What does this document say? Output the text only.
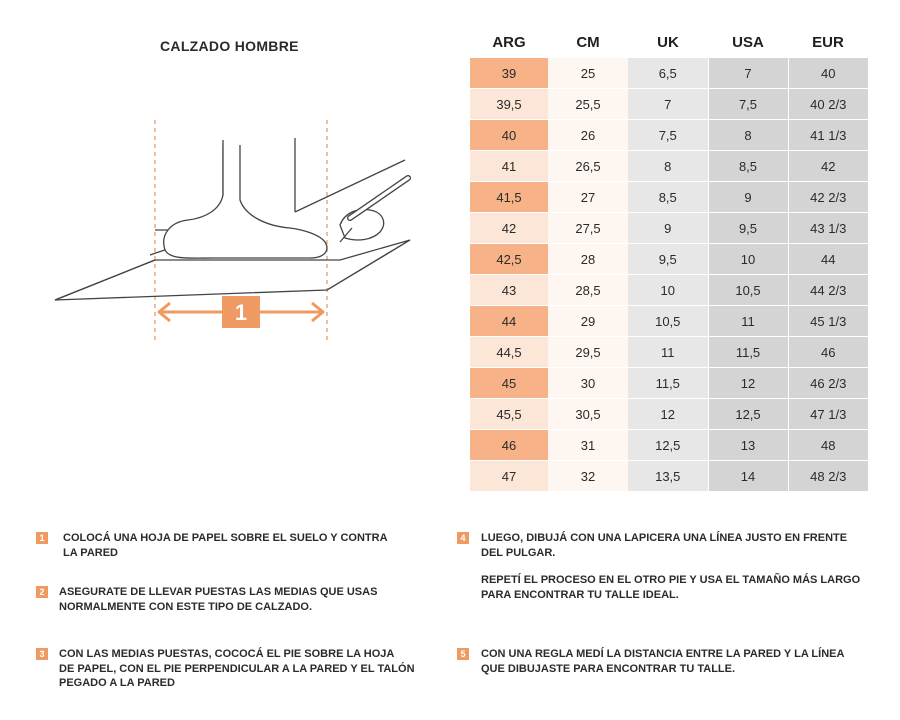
CALZADO HOMBRE
1
ARG	CM	UK	USA	EUR
39	25	6,5	7	40
39,5	25,5	7	7,5	40 2/3
40	26	7,5	8	41 1/3
41	26,5	8	8,5	42
41,5	27	8,5	9	42 2/3
42	27,5	9	9,5	43 1/3
42,5	28	9,5	10	44
43	28,5	10	10,5	44 2/3
44	29	10,5	11	45 1/3
44,5	29,5	11	11,5	46
45	30	11,5	12	46 2/3
45,5	30,5	12	12,5	47 1/3
46	31	12,5	13	48
47	32	13,5	14	48 2/3
1	COLOCÁ UNA HOJA DE PAPEL SOBRE EL SUELO Y CONTRA

LA PARED

2	ASEGURATE DE LLEVAR PUESTAS LAS MEDIAS QUE USAS

NORMALMENTE CON ESTE TIPO DE CALZADO.

3	CON LAS MEDIAS PUESTAS, COCOCÁ EL PIE SOBRE LA HOJA

DE PAPEL, CON EL PIE PERPENDICULAR A LA PARED Y EL TALÓN

PEGADO A LA PARED

4	LUEGO, DIBUJÁ CON UNA LAPICERA UNA LÍNEA JUSTO EN FRENTE

DEL PULGAR.

REPETÍ EL PROCESO EN EL OTRO PIE Y USA EL TAMAÑO MÁS LARGO

PARA ENCONTRAR TU TALLE IDEAL.

5	CON UNA REGLA MEDÍ LA DISTANCIA ENTRE LA PARED Y LA LÍNEA

QUE DIBUJASTE PARA ENCONTRAR TU TALLE.
